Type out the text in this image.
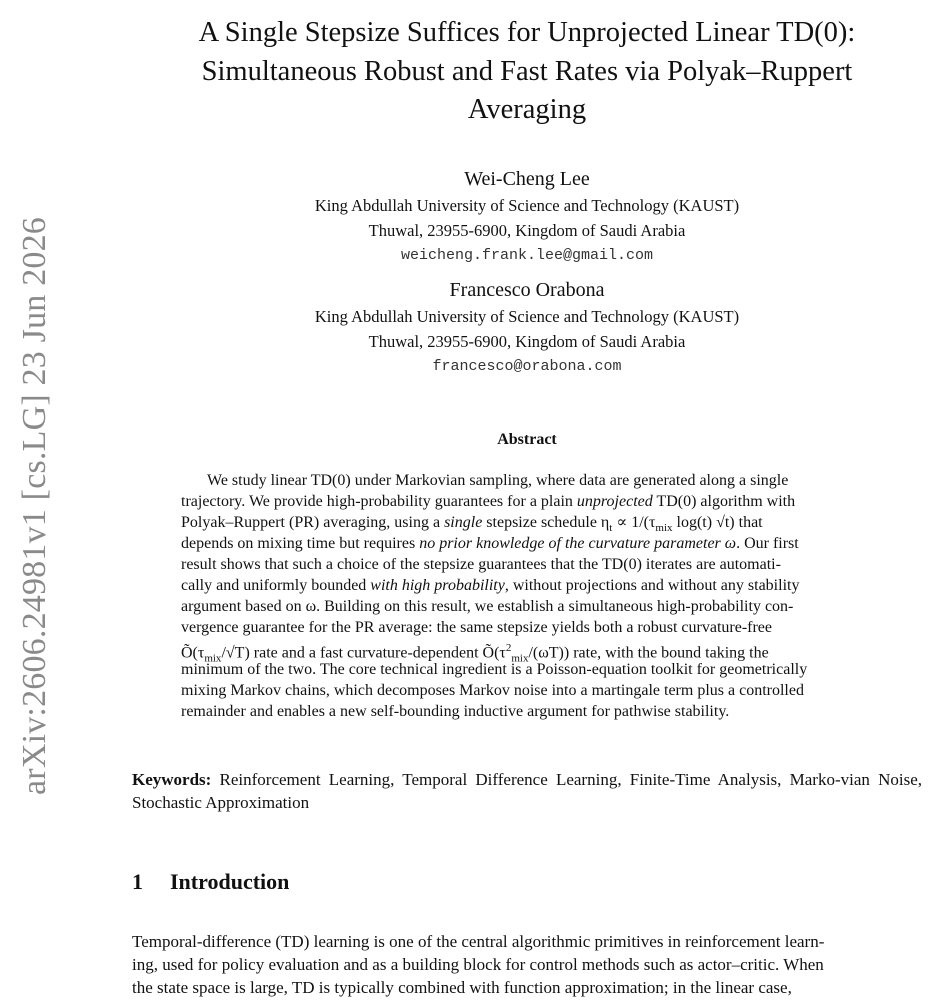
arXiv:2606.24981v1 [cs.LG] 23 Jun 2026
A Single Stepsize Suffices for Unprojected Linear TD(0):
Simultaneous Robust and Fast Rates via Polyak–Ruppert
Averaging
Wei-Cheng Lee
King Abdullah University of Science and Technology (KAUST)
Thuwal, 23955-6900, Kingdom of Saudi Arabia
weicheng.frank.lee@gmail.com
Francesco Orabona
King Abdullah University of Science and Technology (KAUST)
Thuwal, 23955-6900, Kingdom of Saudi Arabia
francesco@orabona.com
Abstract
We study linear TD(0) under Markovian sampling, where data are generated along a single
trajectory. We provide high-probability guarantees for a plain unprojected TD(0) algorithm with
Polyak–Ruppert (PR) averaging, using a single stepsize schedule $\eta_t \propto 1/(\tau_{mix}$ log(t) √t) that
depends on mixing time but requires no prior knowledge of the curvature parameter ω. Our first
result shows that such a choice of the stepsize guarantees that the TD(0) iterates are automati-
cally and uniformly bounded with high probability, without projections and without any stability
argument based on ω. Building on this result, we establish a simultaneous high-probability con-
vergence guarantee for the PR average: the same stepsize yields both a robust curvature-free
$Õ(\tau_{mix}/√T)$ rate and a fast curvature-dependent $Õ(\tau^2_{mix}/(\omega T))$ rate, with the bound taking the
minimum of the two. The core technical ingredient is a Poisson-equation toolkit for geometrically
mixing Markov chains, which decomposes Markov noise into a martingale term plus a controlled
remainder and enables a new self-bounding inductive argument for pathwise stability.
Keywords: Reinforcement Learning, Temporal Difference Learning, Finite-Time Analysis, Marko-vian Noise, Stochastic Approximation
1 Introduction
Temporal-difference (TD) learning is one of the central algorithmic primitives in reinforcement learn-
ing, used for policy evaluation and as a building block for control methods such as actor–critic. When
the state space is large, TD is typically combined with function approximation; in the linear case,
